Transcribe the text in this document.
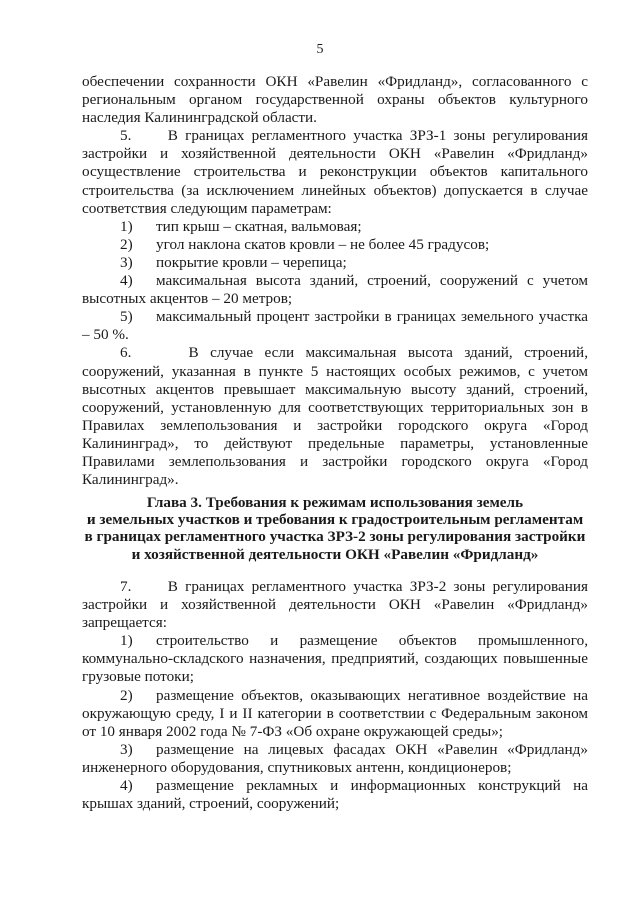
5

обеспечении сохранности ОКН «Равелин «Фридланд», согласованного с региональным органом государственной охраны объектов культурного наследия Калининградской области.

5.     В границах регламентного участка ЗРЗ-1 зоны регулирования застройки и хозяйственной деятельности ОКН «Равелин «Фридланд» осуществление строительства и реконструкции объектов капитального строительства (за исключением линейных объектов) допускается в случае соответствия следующим параметрам:

1) тип крыш – скатная, вальмовая;

2) угол наклона скатов кровли – не более 45 градусов;

3) покрытие кровли – черепица;

4) максимальная высота зданий, строений, сооружений с учетом высотных акцентов – 20 метров;

5) максимальный процент застройки в границах земельного участка – 50 %.

6.     В случае если максимальная высота зданий, строений, сооружений, указанная в пункте 5 настоящих особых режимов, с учетом высотных акцентов превышает максимальную высоту зданий, строений, сооружений, установленную для соответствующих территориальных зон в Правилах землепользования и застройки городского округа «Город Калининград», то действуют предельные параметры, установленные Правилами землепользования и застройки городского округа «Город Калининград».

Глава 3. Требования к режимам использования земель
и земельных участков и требования к градостроительным регламентам
в границах регламентного участка ЗРЗ-2 зоны регулирования застройки
и хозяйственной деятельности ОКН «Равелин «Фридланд»

7.     В границах регламентного участка ЗРЗ-2 зоны регулирования застройки и хозяйственной деятельности ОКН «Равелин «Фридланд» запрещается:

1) строительство и размещение объектов промышленного, коммунально-складского назначения, предприятий, создающих повышенные грузовые потоки;

2) размещение объектов, оказывающих негативное воздействие на окружающую среду, I и II категории в соответствии с Федеральным законом от 10 января 2002 года № 7-ФЗ «Об охране окружающей среды»;

3) размещение на лицевых фасадах ОКН «Равелин «Фридланд» инженерного оборудования, спутниковых антенн, кондиционеров;

4) размещение рекламных и информационных конструкций на крышах зданий, строений, сооружений;
